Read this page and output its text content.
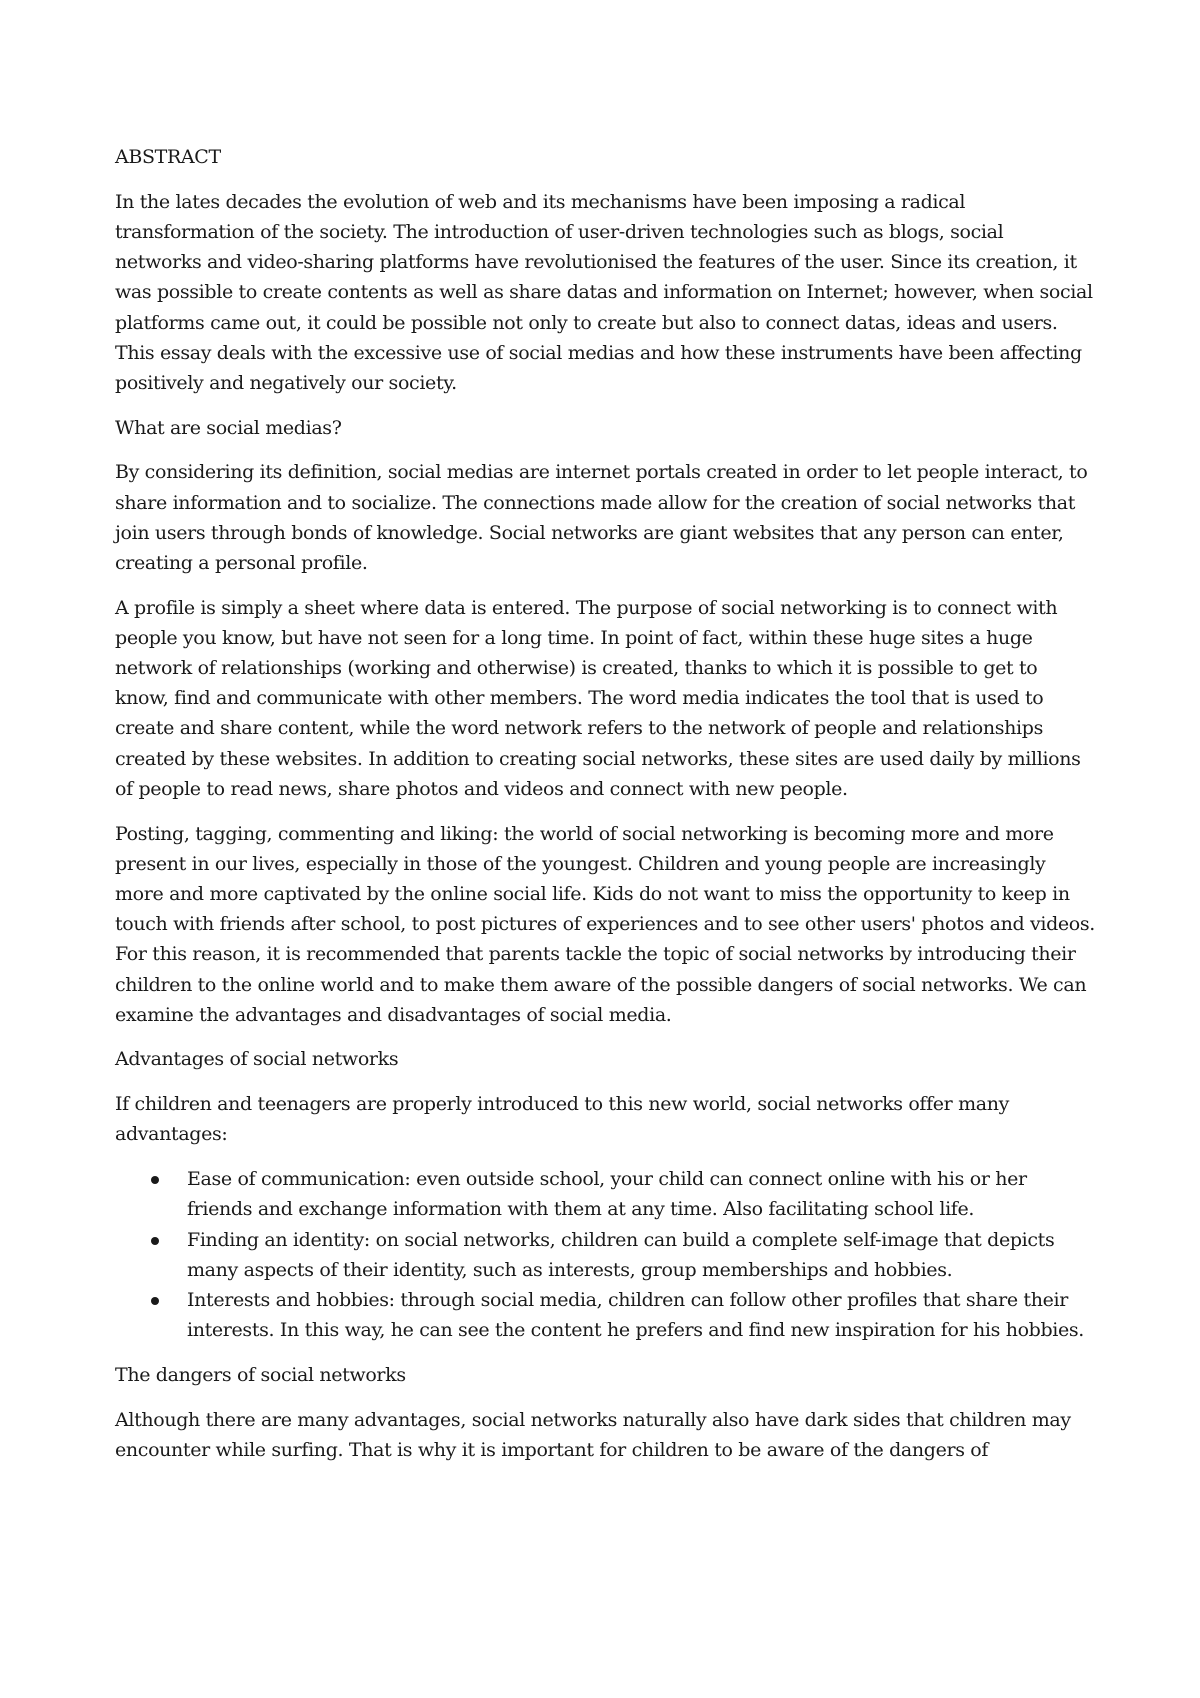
ABSTRACT

In the lates decades the evolution of web and its mechanisms have been imposing a radical transformation of the society. The introduction of user-driven technologies such as blogs, social networks and video-sharing platforms have revolutionised the features of the user. Since its creation, it was possible to create contents as well as share datas and information on Internet; however, when social platforms came out, it could be possible not only to create but also to connect datas, ideas and users. This essay deals with the excessive use of social medias and how these instruments have been affecting positively and negatively our society.

What are social medias?

By considering its definition, social medias are internet portals created in order to let people interact, to share information and to socialize. The connections made allow for the creation of social networks that join users through bonds of knowledge. Social networks are giant websites that any person can enter, creating a personal profile.

A profile is simply a sheet where data is entered. The purpose of social networking is to connect with people you know, but have not seen for a long time. In point of fact, within these huge sites a huge network of relationships (working and otherwise) is created, thanks to which it is possible to get to know, find and communicate with other members. The word media indicates the tool that is used to create and share content, while the word network refers to the network of people and relationships created by these websites. In addition to creating social networks, these sites are used daily by millions of people to read news, share photos and videos and connect with new people.

Posting, tagging, commenting and liking: the world of social networking is becoming more and more present in our lives, especially in those of the youngest. Children and young people are increasingly more and more captivated by the online social life. Kids do not want to miss the opportunity to keep in touch with friends after school, to post pictures of experiences and to see other users' photos and videos. For this reason, it is recommended that parents tackle the topic of social networks by introducing their children to the online world and to make them aware of the possible dangers of social networks. We can examine the advantages and disadvantages of social media.

Advantages of social networks

If children and teenagers are properly introduced to this new world, social networks offer many advantages:

Ease of communication: even outside school, your child can connect online with his or her friends and exchange information with them at any time. Also facilitating school life.
Finding an identity: on social networks, children can build a complete self-image that depicts many aspects of their identity, such as interests, group memberships and hobbies.
Interests and hobbies: through social media, children can follow other profiles that share their interests. In this way, he can see the content he prefers and find new inspiration for his hobbies.

The dangers of social networks

Although there are many advantages, social networks naturally also have dark sides that children may encounter while surfing. That is why it is important for children to be aware of the dangers of
